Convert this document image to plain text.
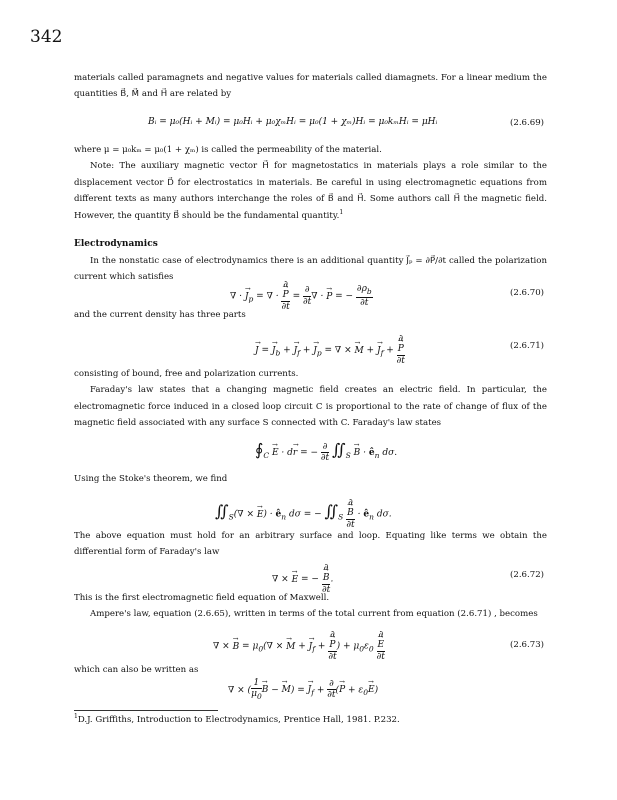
342

materials called paramagnets and negative values for materials called diamagnets. For a linear medium the quantities B⃗, M⃗ and H⃗ are related by

Bᵢ = μ₀(Hᵢ + Mᵢ) = μ₀Hᵢ + μ₀χₘHᵢ = μ₀(1 + χₘ)Hᵢ = μ₀kₘHᵢ = μHᵢ	(2.6.69)

where μ = μ₀kₘ = μ₀(1 + χₘ) is called the permeability of the material.

Note: The auxiliary magnetic vector H⃗ for magnetostatics in materials plays a role similar to the displacement vector D⃗ for electrostatics in materials. Be careful in using electromagnetic equations from different texts as many authors interchange the roles of B⃗ and H⃗. Some authors call H⃗ the magnetic field. However, the quantity B⃗ should be the fundamental quantity.$^1$

Electrodynamics

In the nonstatic case of electrodynamics there is an additional quantity J⃗ₚ = ∂P⃗/∂t called the polarization current which satisfies

∇ · → $J_p$ = ∇ · ∂
→ P
$\partial t = \frac{\partial}{\partial t}$ ∇ · → P = − $\frac{\partial\rho_b}{\partial t}$	(2.6.70)

and the current density has three parts

→ J = → $J_b$ + → $J_f$ + → $J_p$ = ∇ × → M + → $J_f$ + ∂
→ P
∂t	(2.6.71)

consisting of bound, free and polarization currents.

Faraday's law states that a changing magnetic field creates an electric field. In particular, the electromagnetic force induced in a closed loop circuit C is proportional to the rate of change of flux of the magnetic field associated with any surface S connected with C. Faraday's law states

$∮_C \to E \cdot d\to r$ = − $\frac{\partial}{\partial t}$ $∬_S \to B$ · $ê_n$ dσ.

Using the Stoke's theorem, we find

$∬_S(\nabla$ × → $E) \cdot ê_n$ dσ = − $∬_S$ ∂
→ B
$\partial t \cdot ê_n$ dσ.

The above equation must hold for an arbitrary surface and loop. Equating like terms we obtain the differential form of Faraday's law

∇ × → E = − ∂
→ B
∂t .	(2.6.72)

This is the first electromagnetic field equation of Maxwell.

Ampere's law, equation (2.6.65), written in terms of the total current from equation (2.6.71) , becomes

∇ × → $B = \mu_0(\nabla$ × → M + → $J_f$ + ∂
→ P
∂t ) + $\mu_0\varepsilon_0$ ∂
→ E
∂t	(2.6.73)

which can also be written as

∇ × ( $\frac{1}{\mu_0}$
→ B − → M) = → $J_f + \frac{\partial}{\partial t}$ (→ $P + \varepsilon_0\to E$)
$^1$D.J. Griffiths, Introduction to Electrodynamics, Prentice Hall, 1981. P.232.
